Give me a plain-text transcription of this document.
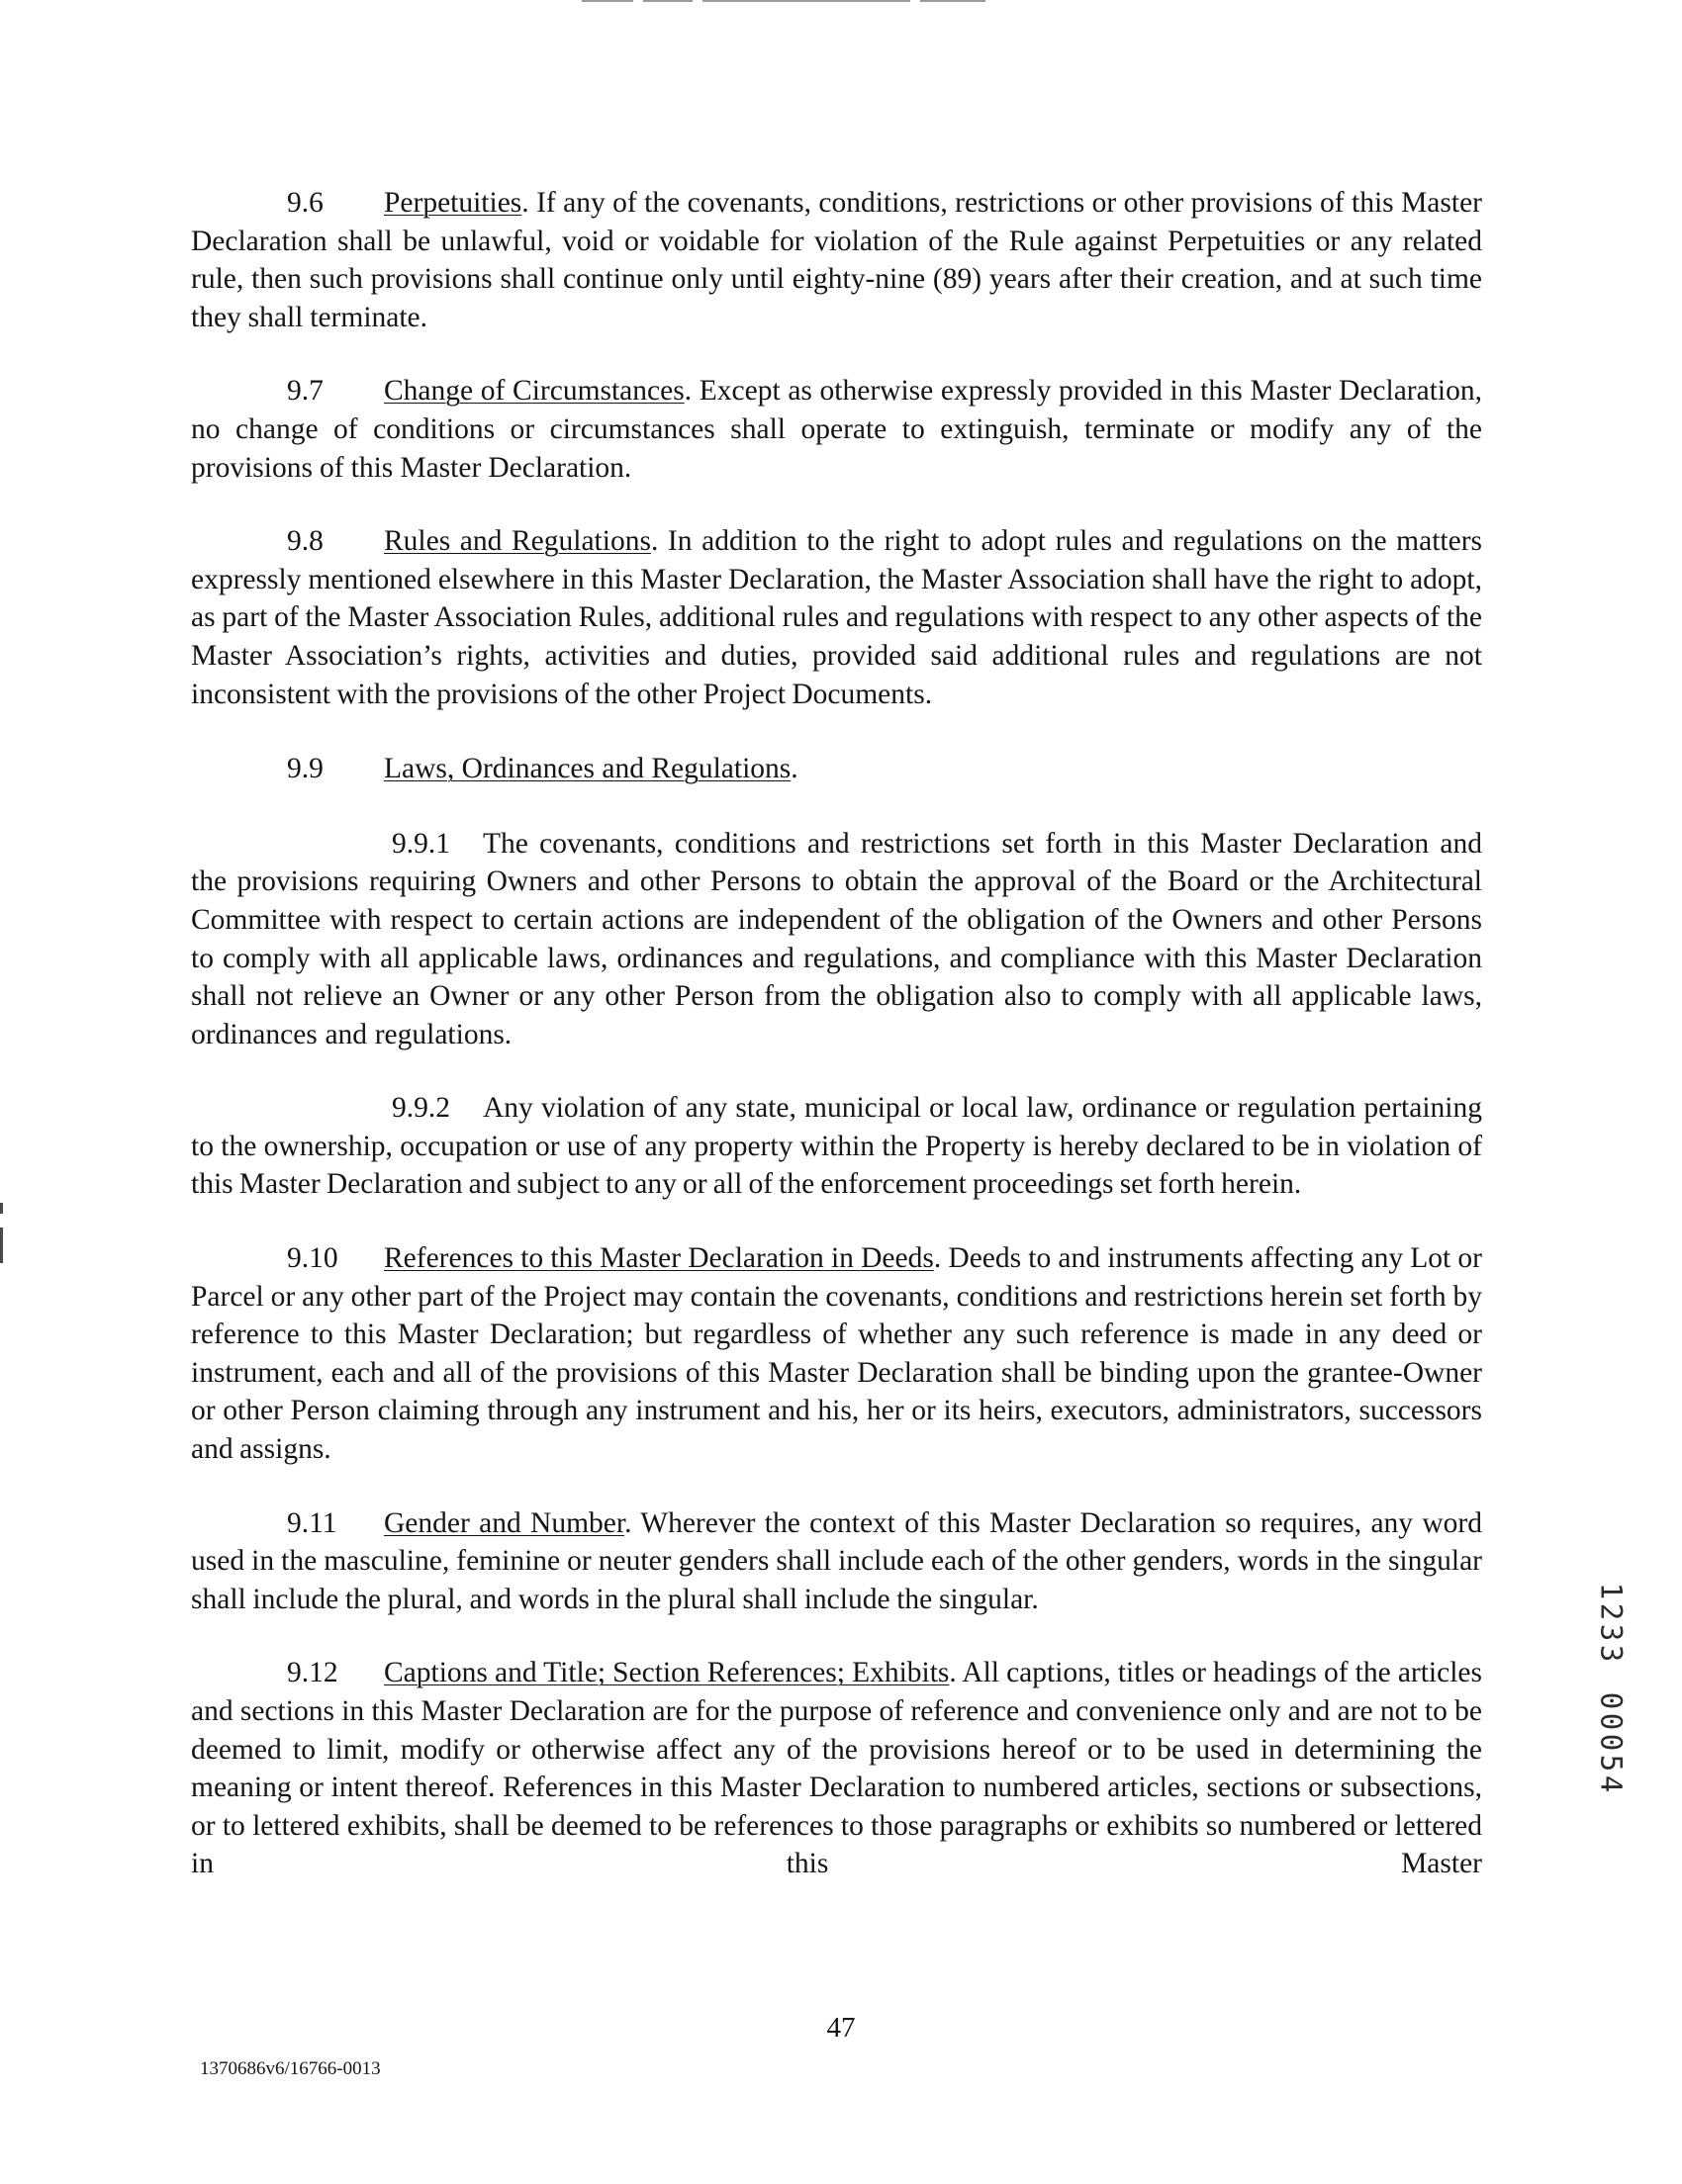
9.6 Perpetuities. If any of the covenants, conditions, restrictions or other provisions of this Master Declaration shall be unlawful, void or voidable for violation of the Rule against Perpetuities or any related rule, then such provisions shall continue only until eighty-nine (89) years after their creation, and at such time they shall terminate.

9.7 Change of Circumstances. Except as otherwise expressly provided in this Master Declaration, no change of conditions or circumstances shall operate to extinguish, terminate or modify any of the provisions of this Master Declaration.

9.8 Rules and Regulations. In addition to the right to adopt rules and regulations on the matters expressly mentioned elsewhere in this Master Declaration, the Master Association shall have the right to adopt, as part of the Master Association Rules, additional rules and regulations with respect to any other aspects of the Master Association’s rights, activities and duties, provided said additional rules and regulations are not inconsistent with the provisions of the other Project Documents.

9.9 Laws, Ordinances and Regulations.

9.9.1 The covenants, conditions and restrictions set forth in this Master Declaration and the provisions requiring Owners and other Persons to obtain the approval of the Board or the Architectural Committee with respect to certain actions are independent of the obligation of the Owners and other Persons to comply with all applicable laws, ordinances and regulations, and compliance with this Master Declaration shall not relieve an Owner or any other Person from the obligation also to comply with all applicable laws, ordinances and regulations.

9.9.2 Any violation of any state, municipal or local law, ordinance or regulation pertaining to the ownership, occupation or use of any property within the Property is hereby declared to be in violation of this Master Declaration and subject to any or all of the enforcement proceedings set forth herein.

9.10 References to this Master Declaration in Deeds. Deeds to and instruments affecting any Lot or Parcel or any other part of the Project may contain the covenants, conditions and restrictions herein set forth by reference to this Master Declaration; but regardless of whether any such reference is made in any deed or instrument, each and all of the provisions of this Master Declaration shall be binding upon the grantee-Owner or other Person claiming through any instrument and his, her or its heirs, executors, administrators, successors and assigns.

9.11 Gender and Number. Wherever the context of this Master Declaration so requires, any word used in the masculine, feminine or neuter genders shall include each of the other genders, words in the singular shall include the plural, and words in the plural shall include the singular.

9.12 Captions and Title; Section References; Exhibits. All captions, titles or headings of the articles and sections in this Master Declaration are for the purpose of reference and convenience only and are not to be deemed to limit, modify or otherwise affect any of the provisions hereof or to be used in determining the meaning or intent thereof. References in this Master Declaration to numbered articles, sections or subsections, or to lettered exhibits, shall be deemed to be references to those paragraphs or exhibits so numbered or lettered in this Master

47
1370686v6/16766-0013
1
2
3
3
0
0
0
5
4
